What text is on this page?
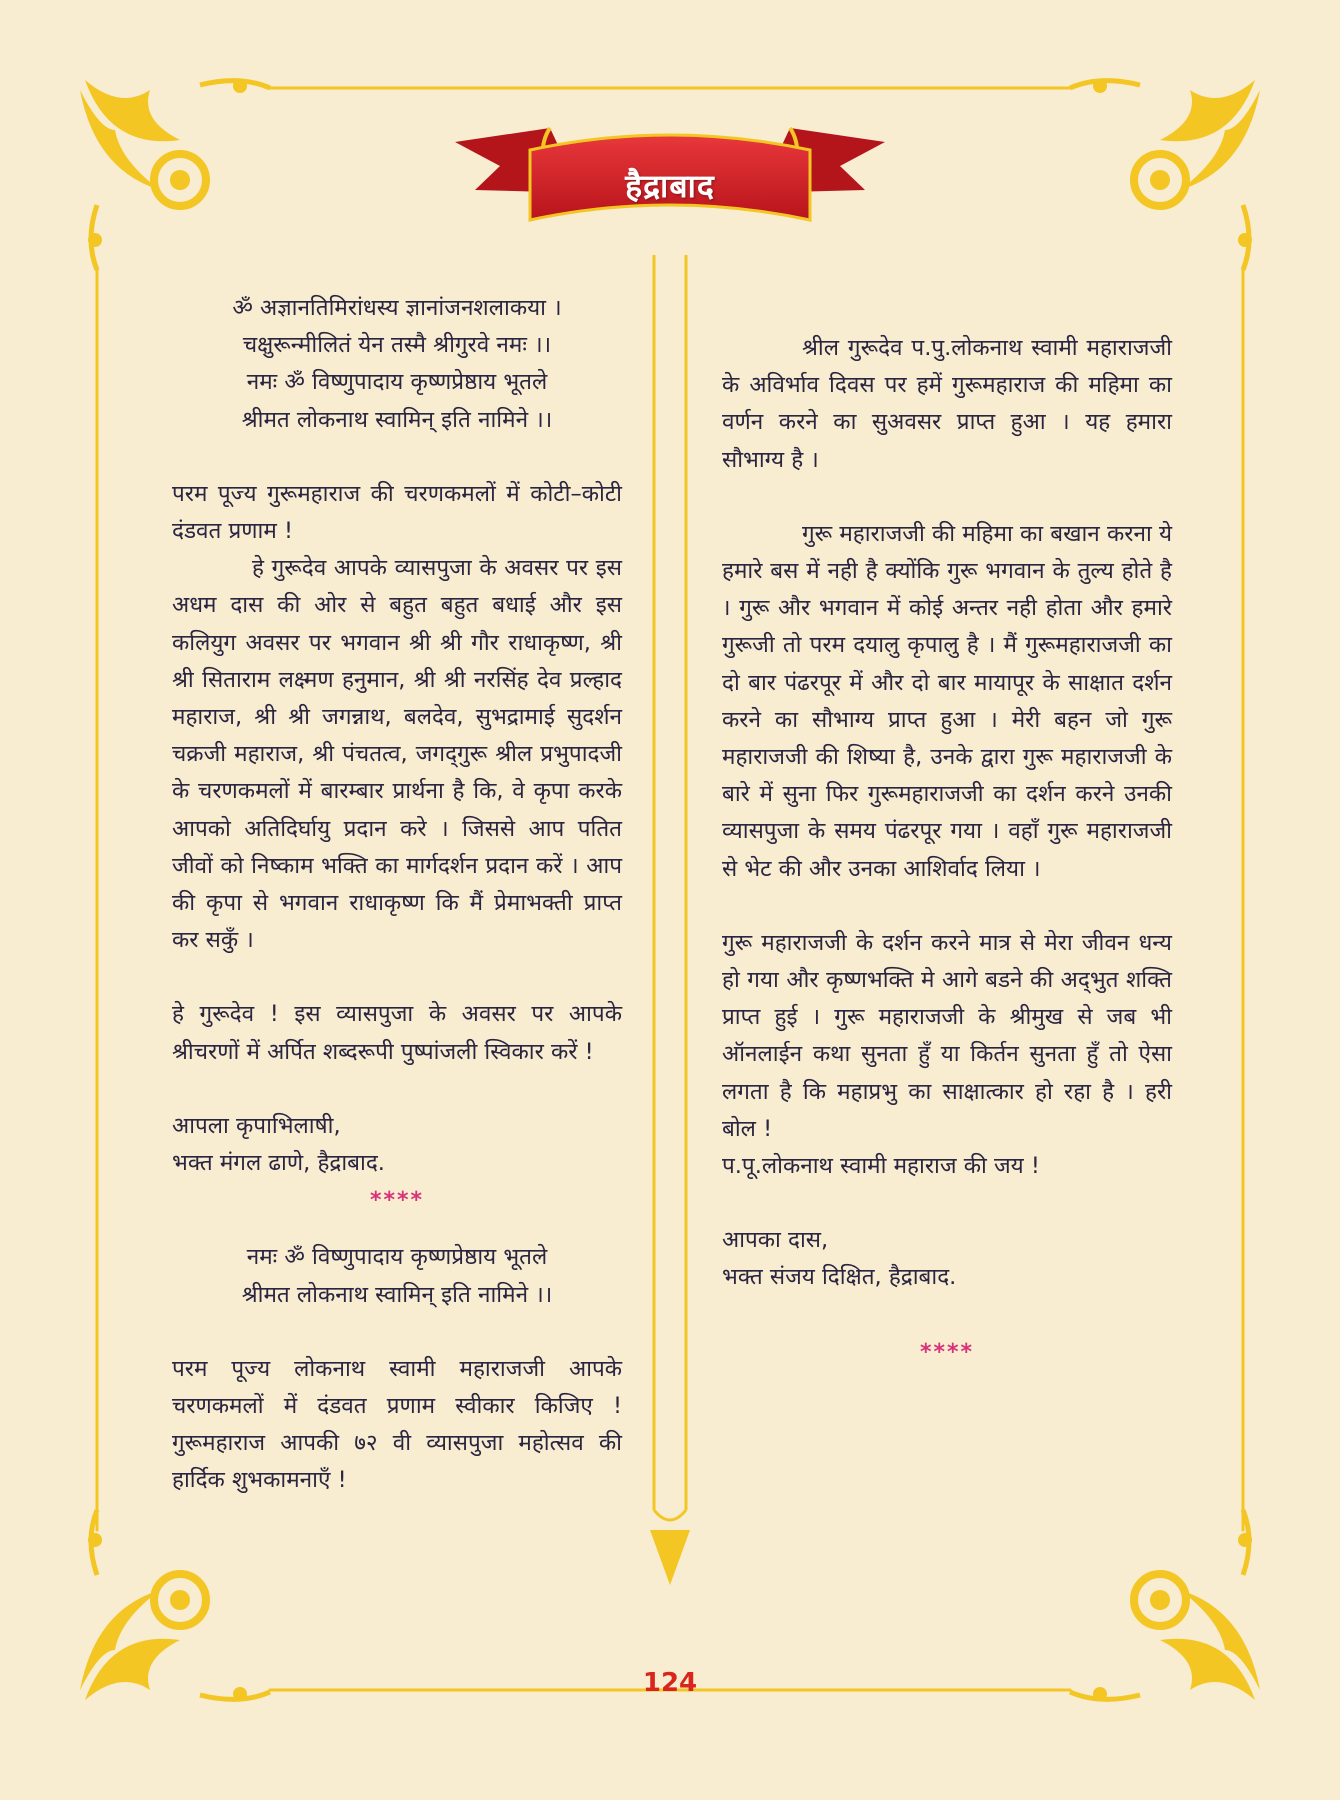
हैद्राबाद

ॐ अज्ञानतिमिरांधस्य ज्ञानांजनशलाकया ।

चक्षुरून्मीलितं येन तस्मै श्रीगुरवे नमः ।।

नमः ॐ विष्णुपादाय कृष्णप्रेष्ठाय भूतले

श्रीमत लोकनाथ स्वामिन् इति नामिने ।।

परम पूज्य गुरूमहाराज की चरणकमलों में कोटी–कोटी दंडवत प्रणाम !

हे गुरूदेव आपके व्यासपुजा के अवसर पर इस अधम दास की ओर से बहुत बहुत बधाई और इस कलियुग अवसर पर भगवान श्री श्री गौर राधाकृष्ण, श्री श्री सिताराम लक्ष्मण हनुमान, श्री श्री नरसिंह देव प्रल्हाद महाराज, श्री श्री जगन्नाथ, बलदेव, सुभद्रामाई सुदर्शन चक्रजी महाराज, श्री पंचतत्व, जगद्‌गुरू श्रील प्रभुपादजी के चरणकमलों में बारम्बार प्रार्थना है कि, वे कृपा करके आपको अतिदिर्घायु प्रदान करे । जिससे आप पतित जीवों को निष्काम भक्ति का मार्गदर्शन प्रदान करें । आप की कृपा से भगवान राधाकृष्ण कि मैं प्रेमाभक्ती प्राप्त कर सकुँ ।

हे गुरूदेव ! इस व्यासपुजा के अवसर पर आपके श्रीचरणों में अर्पित शब्दरूपी पुष्पांजली स्विकार करें !

आपला कृपाभिलाषी,

भक्त मंगल ढाणे, हैद्राबाद.

****

नमः ॐ विष्णुपादाय कृष्णप्रेष्ठाय भूतले

श्रीमत लोकनाथ स्वामिन् इति नामिने ।।

परम पूज्य लोकनाथ स्वामी महाराजजी आपके चरणकमलों में दंडवत प्रणाम स्वीकार किजिए ! गुरूमहाराज आपकी ७२ वी व्यासपुजा महोत्सव की हार्दिक शुभकामनाएँ !

श्रील गुरूदेव प.पु.लोकनाथ स्वामी महाराजजी के अविर्भाव दिवस पर हमें गुरूमहाराज की महिमा का वर्णन करने का सुअवसर प्राप्त हुआ । यह हमारा सौभाग्य है ।

गुरू महाराजजी की महिमा का बखान करना ये हमारे बस में नही है क्योंकि गुरू भगवान के तुल्य होते है । गुरू और भगवान में कोई अन्तर नही होता और हमारे गुरूजी तो परम दयालु कृपालु है । मैं गुरूमहाराजजी का दो बार पंढरपूर में और दो बार मायापूर के साक्षात दर्शन करने का सौभाग्य प्राप्त हुआ । मेरी बहन जो गुरू महाराजजी की शिष्या है, उनके द्वारा गुरू महाराजजी के बारे में सुना फिर गुरूमहाराजजी का दर्शन करने उनकी व्यासपुजा के समय पंढरपूर गया । वहाँ गुरू महाराजजी से भेट की और उनका आशिर्वाद लिया ।

गुरू महाराजजी के दर्शन करने मात्र से मेरा जीवन धन्य हो गया और कृष्णभक्ति मे आगे बडने की अद्‌भुत शक्ति प्राप्त हुई । गुरू महाराजजी के श्रीमुख से जब भी ऑनलाईन कथा सुनता हुँ या किर्तन सुनता हुँ तो ऐसा लगता है कि महाप्रभु का साक्षात्कार हो रहा है । हरी बोल !

प.पू.लोकनाथ स्वामी महाराज की जय !

आपका दास,

भक्त संजय दिक्षित, हैद्राबाद.

****

124
